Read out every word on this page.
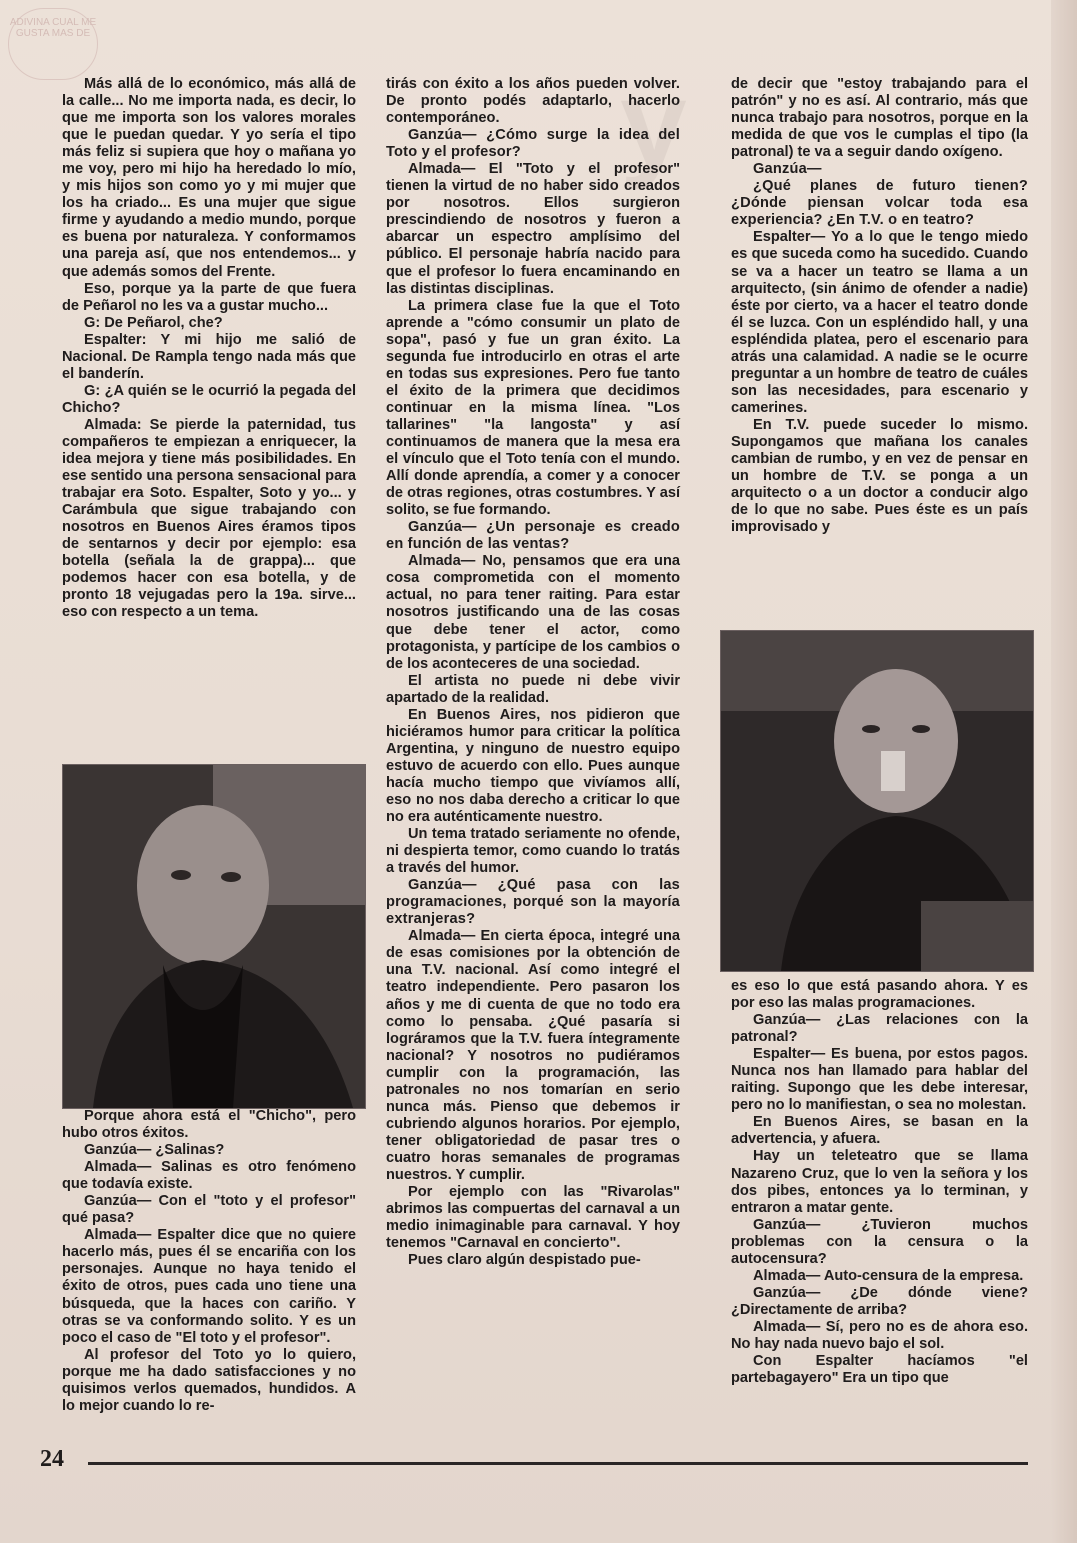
y
ADIVINA CUAL ME GUSTA MAS DE

Más allá de lo económico, más allá de la calle... No me importa nada, es decir, lo que me importa son los valores morales que le puedan quedar. Y yo sería el tipo más feliz si supiera que hoy o mañana yo me voy, pero mi hijo ha heredado lo mío, y mis hijos son como yo y mi mujer que los ha criado... Es una mujer que sigue firme y ayudando a medio mundo, porque es buena por naturaleza. Y conformamos una pareja así, que nos entendemos... y que además somos del Frente.

Eso, porque ya la parte de que fuera de Peñarol no les va a gustar mucho...

G: De Peñarol, che?

Espalter: Y mi hijo me salió de Nacional. De Rampla tengo nada más que el banderín.

G: ¿A quién se le ocurrió la pegada del Chicho?

Almada: Se pierde la paternidad, tus compañeros te empiezan a enriquecer, la idea mejora y tiene más posibilidades. En ese sentido una persona sensacional para trabajar era Soto. Espalter, Soto y yo... y Carámbula que sigue trabajando con nosotros en Buenos Aires éramos tipos de sentarnos y decir por ejemplo: esa botella (señala la de grappa)... que podemos hacer con esa botella, y de pronto 18 vejugadas pero la 19a. sirve... eso con respecto a un tema.

Porque ahora está el "Chicho", pero hubo otros éxitos.

Ganzúa— ¿Salinas?

Almada— Salinas es otro fenómeno que todavía existe.

Ganzúa— Con el "toto y el profesor" qué pasa?

Almada— Espalter dice que no quiere hacerlo más, pues él se encariña con los personajes. Aunque no haya tenido el éxito de otros, pues cada uno tiene una búsqueda, que la haces con cariño. Y otras se va conformando solito. Y es un poco el caso de "El toto y el profesor".

Al profesor del Toto yo lo quiero, porque me ha dado satisfacciones y no quisimos verlos quemados, hundidos. A lo mejor cuando lo re-

tirás con éxito a los años pueden volver. De pronto podés adaptarlo, hacerlo contemporáneo.

Ganzúa— ¿Cómo surge la idea del Toto y el profesor?

Almada— El "Toto y el profesor" tienen la virtud de no haber sido creados por nosotros. Ellos surgieron prescindiendo de nosotros y fueron a abarcar un espectro amplísimo del público. El personaje habría nacido para que el profesor lo fuera encaminando en las distintas disciplinas.

La primera clase fue la que el Toto aprende a "cómo consumir un plato de sopa", pasó y fue un gran éxito. La segunda fue introducirlo en otras el arte en todas sus expresiones. Pero fue tanto el éxito de la primera que decidimos continuar en la misma línea. "Los tallarines" "la langosta" y así continuamos de manera que la mesa era el vínculo que el Toto tenía con el mundo. Allí donde aprendía, a comer y a conocer de otras regiones, otras costumbres. Y así solito, se fue formando.

Ganzúa— ¿Un personaje es creado en función de las ventas?

Almada— No, pensamos que era una cosa comprometida con el momento actual, no para tener raiting. Para estar nosotros justificando una de las cosas que debe tener el actor, como protagonista, y partícipe de los cambios o de los aconteceres de una sociedad.

El artista no puede ni debe vivir apartado de la realidad.

En Buenos Aires, nos pidieron que hiciéramos humor para criticar la política Argentina, y ninguno de nuestro equipo estuvo de acuerdo con ello. Pues aunque hacía mucho tiempo que vivíamos allí, eso no nos daba derecho a criticar lo que no era auténticamente nuestro.

Un tema tratado seriamente no ofende, ni despierta temor, como cuando lo tratás a través del humor.

Ganzúa— ¿Qué pasa con las programaciones, porqué son la mayoría extranjeras?

Almada— En cierta época, integré una de esas comisiones por la obtención de una T.V. nacional. Así como integré el teatro independiente. Pero pasaron los años y me di cuenta de que no todo era como lo pensaba. ¿Qué pasaría si lográramos que la T.V. fuera íntegramente nacional? Y nosotros no pudiéramos cumplir con la programación, las patronales no nos tomarían en serio nunca más. Pienso que debemos ir cubriendo algunos horarios. Por ejemplo, tener obligatoriedad de pasar tres o cuatro horas semanales de programas nuestros. Y cumplir.

Por ejemplo con las "Rivarolas" abrimos las compuertas del carnaval a un medio inimaginable para carnaval. Y hoy tenemos "Carnaval en concierto".

Pues claro algún despistado pue-

de decir que "estoy trabajando para el patrón" y no es así. Al contrario, más que nunca trabajo para nosotros, porque en la medida de que vos le cumplas el tipo (la patronal) te va a seguir dando oxígeno.

Ganzúa—

¿Qué planes de futuro tienen? ¿Dónde piensan volcar toda esa experiencia? ¿En T.V. o en teatro?

Espalter— Yo a lo que le tengo miedo es que suceda como ha sucedido. Cuando se va a hacer un teatro se llama a un arquitecto, (sin ánimo de ofender a nadie) éste por cierto, va a hacer el teatro donde él se luzca. Con un espléndido hall, y una espléndida platea, pero el escenario para atrás una calamidad. A nadie se le ocurre preguntar a un hombre de teatro de cuáles son las necesidades, para escenario y camerines.

En T.V. puede suceder lo mismo. Supongamos que mañana los canales cambian de rumbo, y en vez de pensar en un hombre de T.V. se ponga a un arquitecto o a un doctor a conducir algo de lo que no sabe. Pues éste es un país improvisado y

es eso lo que está pasando ahora. Y es por eso las malas programaciones.

Ganzúa— ¿Las relaciones con la patronal?

Espalter— Es buena, por estos pagos. Nunca nos han llamado para hablar del raiting. Supongo que les debe interesar, pero no lo manifiestan, o sea no molestan.

En Buenos Aires, se basan en la advertencia, y afuera.

Hay un teleteatro que se llama Nazareno Cruz, que lo ven la señora y los dos pibes, entonces ya lo terminan, y entraron a matar gente.

Ganzúa— ¿Tuvieron muchos problemas con la censura o la autocensura?

Almada— Auto-censura de la empresa.

Ganzúa— ¿De dónde viene? ¿Directamente de arriba?

Almada— Sí, pero no es de ahora eso. No hay nada nuevo bajo el sol.

Con Espalter hacíamos "el partebagayero" Era un tipo que

24
